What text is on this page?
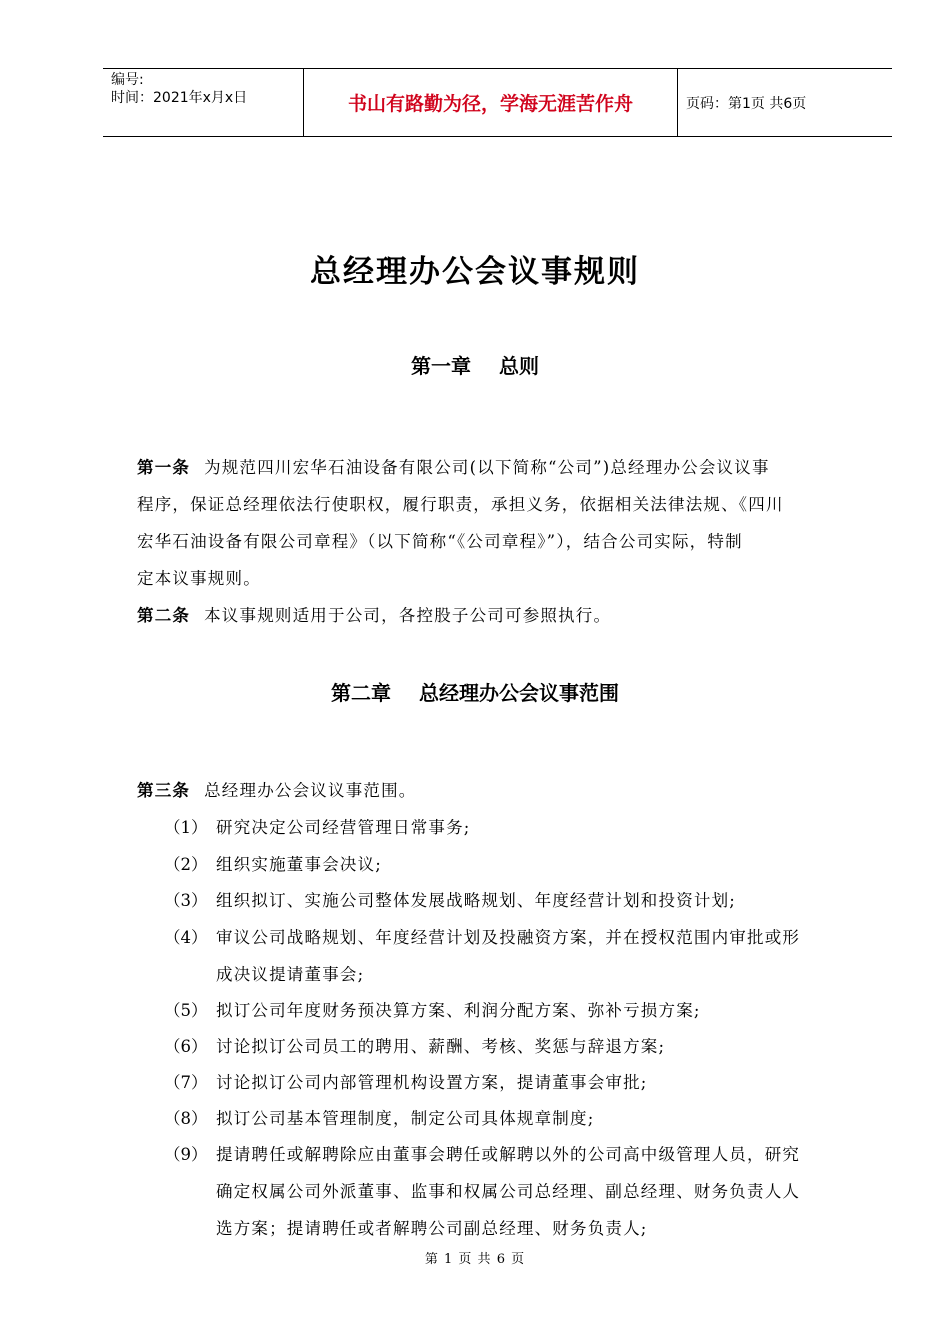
编号:
时间：2021年x月x日	书山有路勤为径，学海无涯苦作舟	页码：第1页 共6页
总经理办公会议事规则
第一章 总则
第一条 为规范四川宏华石油设备有限公司(以下简称“公司”)总经理办公会议议事
程序，保证总经理依法行使职权，履行职责，承担义务，依据相关法律法规、《四川
宏华石油设备有限公司章程》（以下简称“《公司章程》”），结合公司实际，特制
定本议事规则。
第二条 本议事规则适用于公司，各控股子公司可参照执行。
第二章 总经理办公会议事范围
第三条 总经理办公会议议事范围。
（1） 研究决定公司经营管理日常事务;
（2） 组织实施董事会决议;
（3） 组织拟订、实施公司整体发展战略规划、年度经营计划和投资计划;
（4） 审议公司战略规划、年度经营计划及投融资方案，并在授权范围内审批或形
成决议提请董事会;
（5） 拟订公司年度财务预决算方案、利润分配方案、弥补亏损方案;
（6） 讨论拟订公司员工的聘用、薪酬、考核、奖惩与辞退方案;
（7） 讨论拟订公司内部管理机构设置方案，提请董事会审批;
（8） 拟订公司基本管理制度，制定公司具体规章制度;
（9） 提请聘任或解聘除应由董事会聘任或解聘以外的公司高中级管理人员，研究
确定权属公司外派董事、监事和权属公司总经理、副总经理、财务负责人人
选方案；提请聘任或者解聘公司副总经理、财务负责人;
第 1 页 共 6 页
